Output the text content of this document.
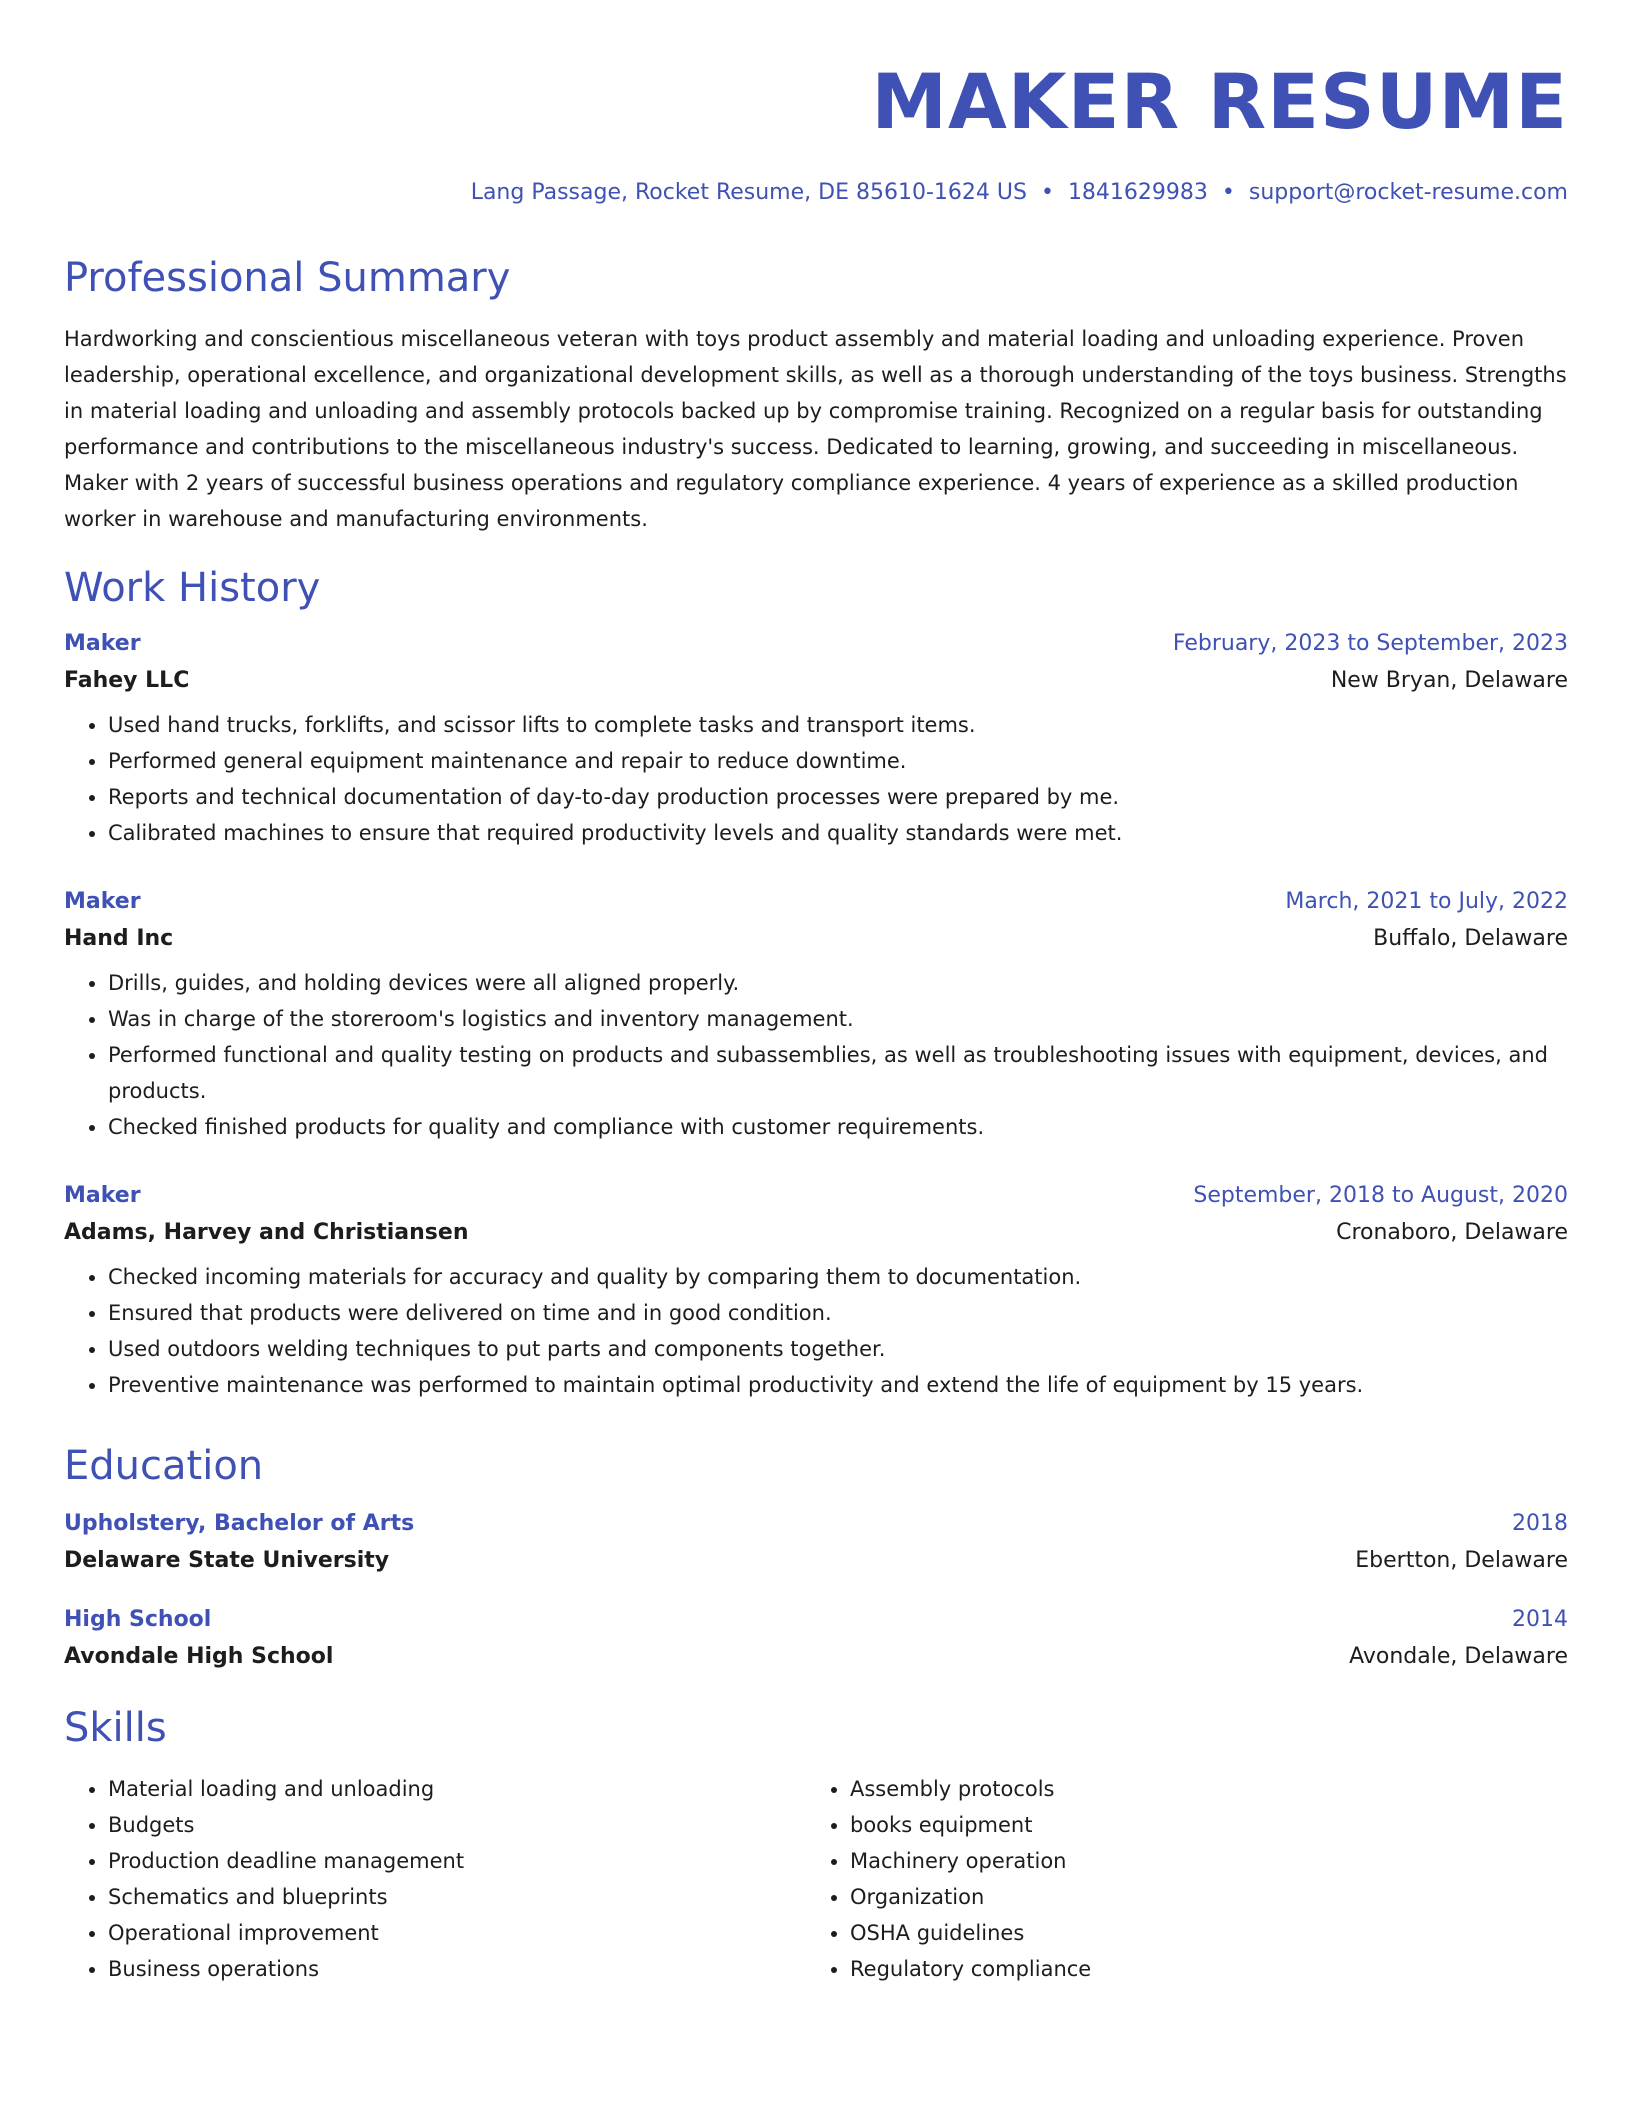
MAKER RESUME
Lang Passage, Rocket Resume, DE 85610-1624 US • 1841629983 • support@rocket-resume.com
Professional Summary
Hardworking and conscientious miscellaneous veteran with toys product assembly and material loading and unloading experience. Proven leadership, operational excellence, and organizational development skills, as well as a thorough understanding of the toys business. Strengths in material loading and unloading and assembly protocols backed up by compromise training. Recognized on a regular basis for outstanding performance and contributions to the miscellaneous industry's success. Dedicated to learning, growing, and succeeding in miscellaneous. Maker with 2 years of successful business operations and regulatory compliance experience. 4 years of experience as a skilled production worker in warehouse and manufacturing environments.
Work History
Maker	February, 2023 to September, 2023
Fahey LLC	New Bryan, Delaware
• Used hand trucks, forklifts, and scissor lifts to complete tasks and transport items.
• Performed general equipment maintenance and repair to reduce downtime.
• Reports and technical documentation of day-to-day production processes were prepared by me.
• Calibrated machines to ensure that required productivity levels and quality standards were met.
Maker	March, 2021 to July, 2022
Hand Inc	Buffalo, Delaware
• Drills, guides, and holding devices were all aligned properly.
• Was in charge of the storeroom's logistics and inventory management.
• Performed functional and quality testing on products and subassemblies, as well as troubleshooting issues with equipment, devices, and products.
• Checked finished products for quality and compliance with customer requirements.
Maker	September, 2018 to August, 2020
Adams, Harvey and Christiansen	Cronaboro, Delaware
• Checked incoming materials for accuracy and quality by comparing them to documentation.
• Ensured that products were delivered on time and in good condition.
• Used outdoors welding techniques to put parts and components together.
• Preventive maintenance was performed to maintain optimal productivity and extend the life of equipment by 15 years.
Education
Upholstery, Bachelor of Arts	2018
Delaware State University	Ebertton, Delaware
High School	2014
Avondale High School	Avondale, Delaware
Skills
• Material loading and unloading
• Budgets
• Production deadline management
• Schematics and blueprints
• Operational improvement
• Business operations
• Assembly protocols
• books equipment
• Machinery operation
• Organization
• OSHA guidelines
• Regulatory compliance
